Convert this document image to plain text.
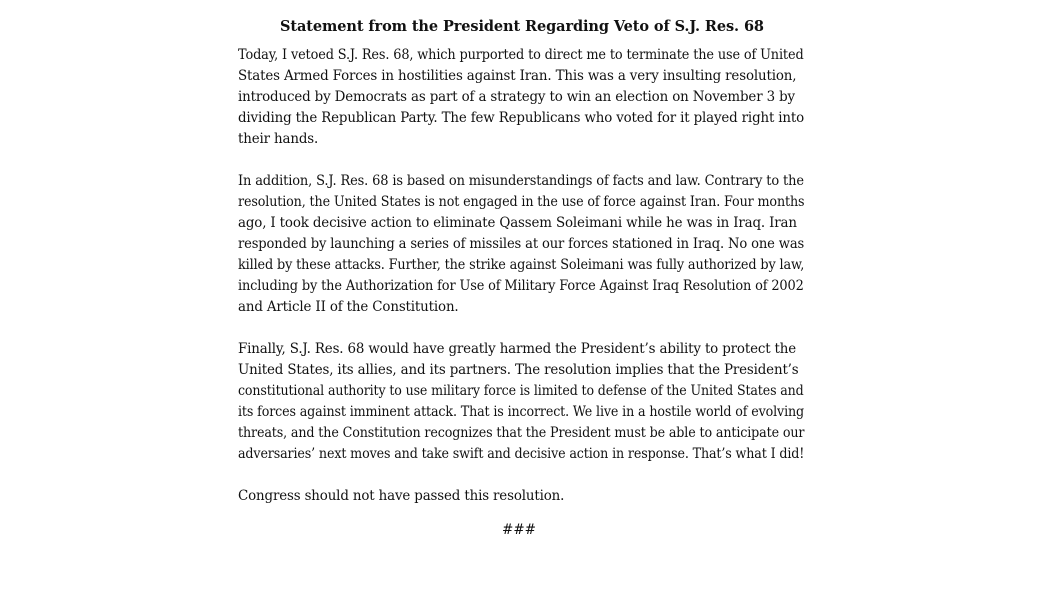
Statement from the President Regarding Veto of S.J. Res. 68
Today, I vetoed S.J. Res. 68, which purported to direct me to terminate the use of United
States Armed Forces in hostilities against Iran. This was a very insulting resolution,
introduced by Democrats as part of a strategy to win an election on November 3 by
dividing the Republican Party. The few Republicans who voted for it played right into
their hands.
In addition, S.J. Res. 68 is based on misunderstandings of facts and law. Contrary to the
resolution, the United States is not engaged in the use of force against Iran. Four months
ago, I took decisive action to eliminate Qassem Soleimani while he was in Iraq. Iran
responded by launching a series of missiles at our forces stationed in Iraq. No one was
killed by these attacks. Further, the strike against Soleimani was fully authorized by law,
including by the Authorization for Use of Military Force Against Iraq Resolution of 2002
and Article II of the Constitution.
Finally, S.J. Res. 68 would have greatly harmed the President’s ability to protect the
United States, its allies, and its partners. The resolution implies that the President’s
constitutional authority to use military force is limited to defense of the United States and
its forces against imminent attack. That is incorrect. We live in a hostile world of evolving
threats, and the Constitution recognizes that the President must be able to anticipate our
adversaries’ next moves and take swift and decisive action in response. That’s what I did!
Congress should not have passed this resolution.
###
